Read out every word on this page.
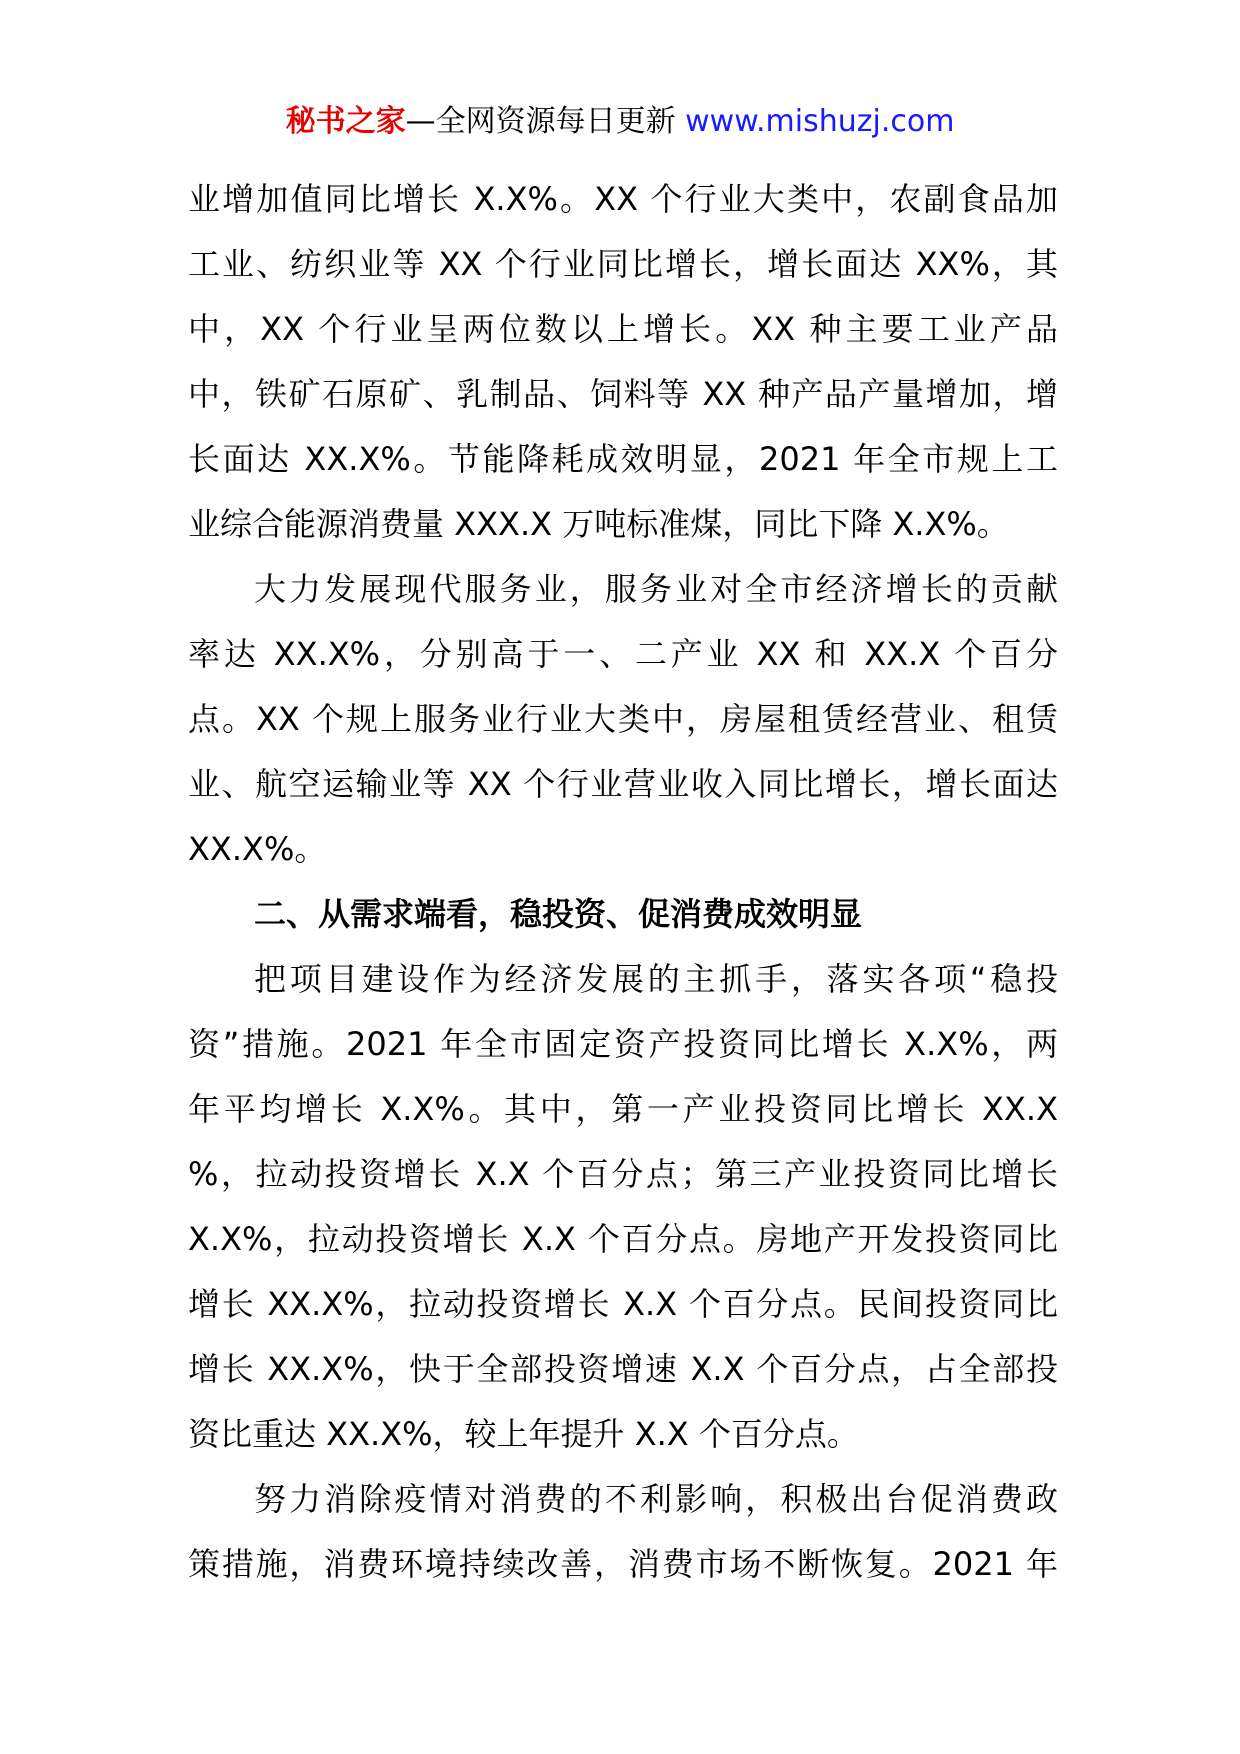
秘书之家—全网资源每日更新 www.mishuzj.com
业增加值同比增长 X.X%。XX 个行业大类中，农副食品加
工业、纺织业等 XX 个行业同比增长，增长面达 XX%，其
中，XX 个行业呈两位数以上增长。XX 种主要工业产品
中，铁矿石原矿、乳制品、饲料等 XX 种产品产量增加，增
长面达 XX.X%。节能降耗成效明显，2021 年全市规上工
业综合能源消费量 XXX.X 万吨标准煤，同比下降 X.X%。
大力发展现代服务业，服务业对全市经济增长的贡献
率达 XX.X%，分别高于一、二产业 XX 和 XX.X 个百分
点。XX 个规上服务业行业大类中，房屋租赁经营业、租赁
业、航空运输业等 XX 个行业营业收入同比增长，增长面达
XX.X%。
二、从需求端看，稳投资、促消费成效明显
把项目建设作为经济发展的主抓手，落实各项“稳投
资”措施。2021 年全市固定资产投资同比增长 X.X%，两
年平均增长 X.X%。其中，第一产业投资同比增长 XX.X
%，拉动投资增长 X.X 个百分点；第三产业投资同比增长
X.X%，拉动投资增长 X.X 个百分点。房地产开发投资同比
增长 XX.X%，拉动投资增长 X.X 个百分点。民间投资同比
增长 XX.X%，快于全部投资增速 X.X 个百分点，占全部投
资比重达 XX.X%，较上年提升 X.X 个百分点。
努力消除疫情对消费的不利影响，积极出台促消费政
策措施，消费环境持续改善，消费市场不断恢复。2021 年
